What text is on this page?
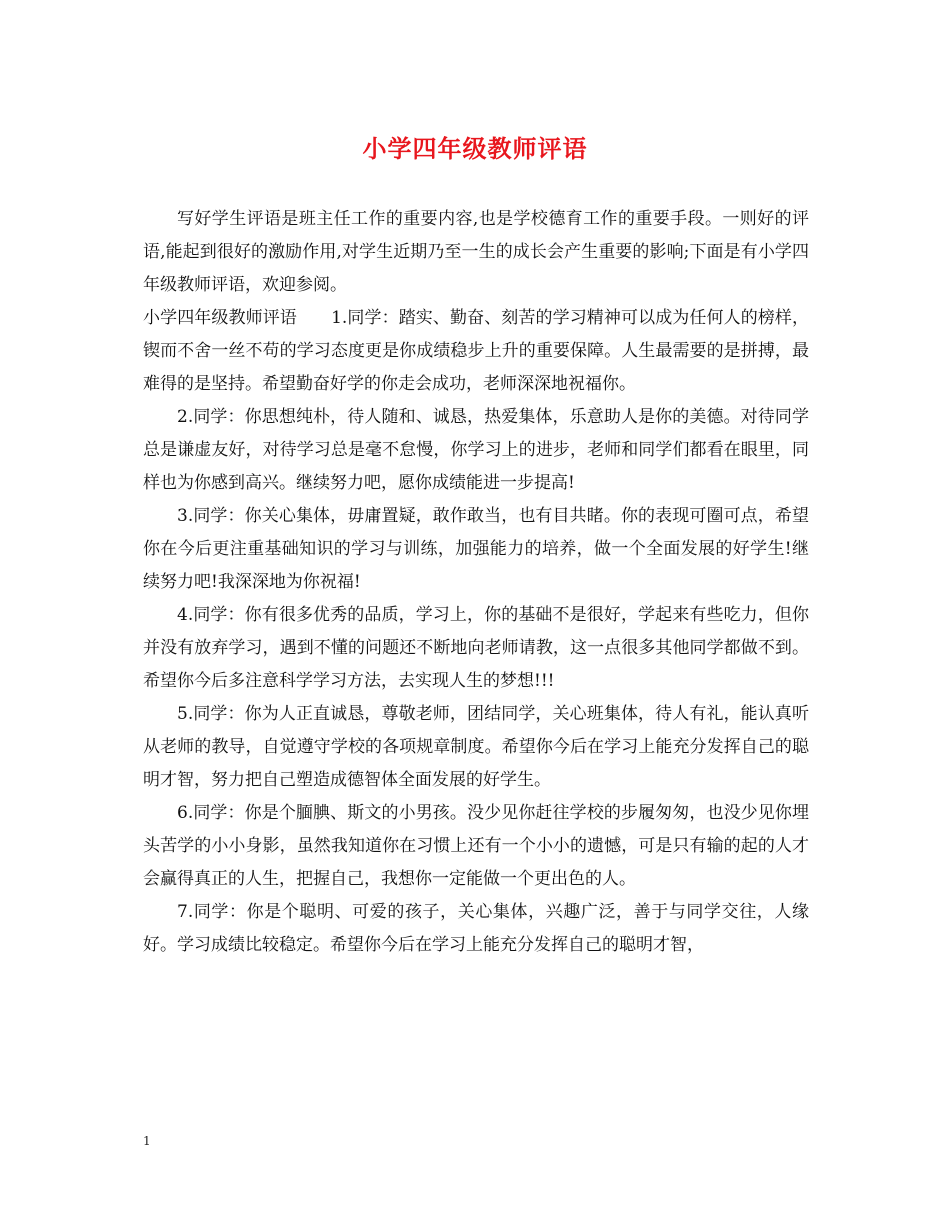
小学四年级教师评语

写好学生评语是班主任工作的重要内容,也是学校德育工作的重要手段。一则好的评语,能起到很好的激励作用,对学生近期乃至一生的成长会产生重要的影响;下面是有小学四年级教师评语，欢迎参阅。

小学四年级教师评语　　1.同学：踏实、勤奋、刻苦的学习精神可以成为任何人的榜样，锲而不舍一丝不苟的学习态度更是你成绩稳步上升的重要保障。人生最需要的是拼搏，最难得的是坚持。希望勤奋好学的你走会成功，老师深深地祝福你。

2.同学：你思想纯朴，待人随和、诚恳，热爱集体，乐意助人是你的美德。对待同学总是谦虚友好，对待学习总是毫不怠慢，你学习上的进步，老师和同学们都看在眼里，同样也为你感到高兴。继续努力吧，愿你成绩能进一步提高!

3.同学：你关心集体，毋庸置疑，敢作敢当，也有目共睹。你的表现可圈可点，希望你在今后更注重基础知识的学习与训练，加强能力的培养，做一个全面发展的好学生!继续努力吧!我深深地为你祝福!

4.同学：你有很多优秀的品质，学习上，你的基础不是很好，学起来有些吃力，但你并没有放弃学习，遇到不懂的问题还不断地向老师请教，这一点很多其他同学都做不到。希望你今后多注意科学学习方法，去实现人生的梦想!!!

5.同学：你为人正直诚恳，尊敬老师，团结同学，关心班集体，待人有礼，能认真听从老师的教导，自觉遵守学校的各项规章制度。希望你今后在学习上能充分发挥自己的聪明才智，努力把自己塑造成德智体全面发展的好学生。

6.同学：你是个腼腆、斯文的小男孩。没少见你赶往学校的步履匆匆，也没少见你埋头苦学的小小身影，虽然我知道你在习惯上还有一个小小的遗憾，可是只有输的起的人才会赢得真正的人生，把握自己，我想你一定能做一个更出色的人。

7.同学：你是个聪明、可爱的孩子，关心集体，兴趣广泛，善于与同学交往，人缘好。学习成绩比较稳定。希望你今后在学习上能充分发挥自己的聪明才智，

1
